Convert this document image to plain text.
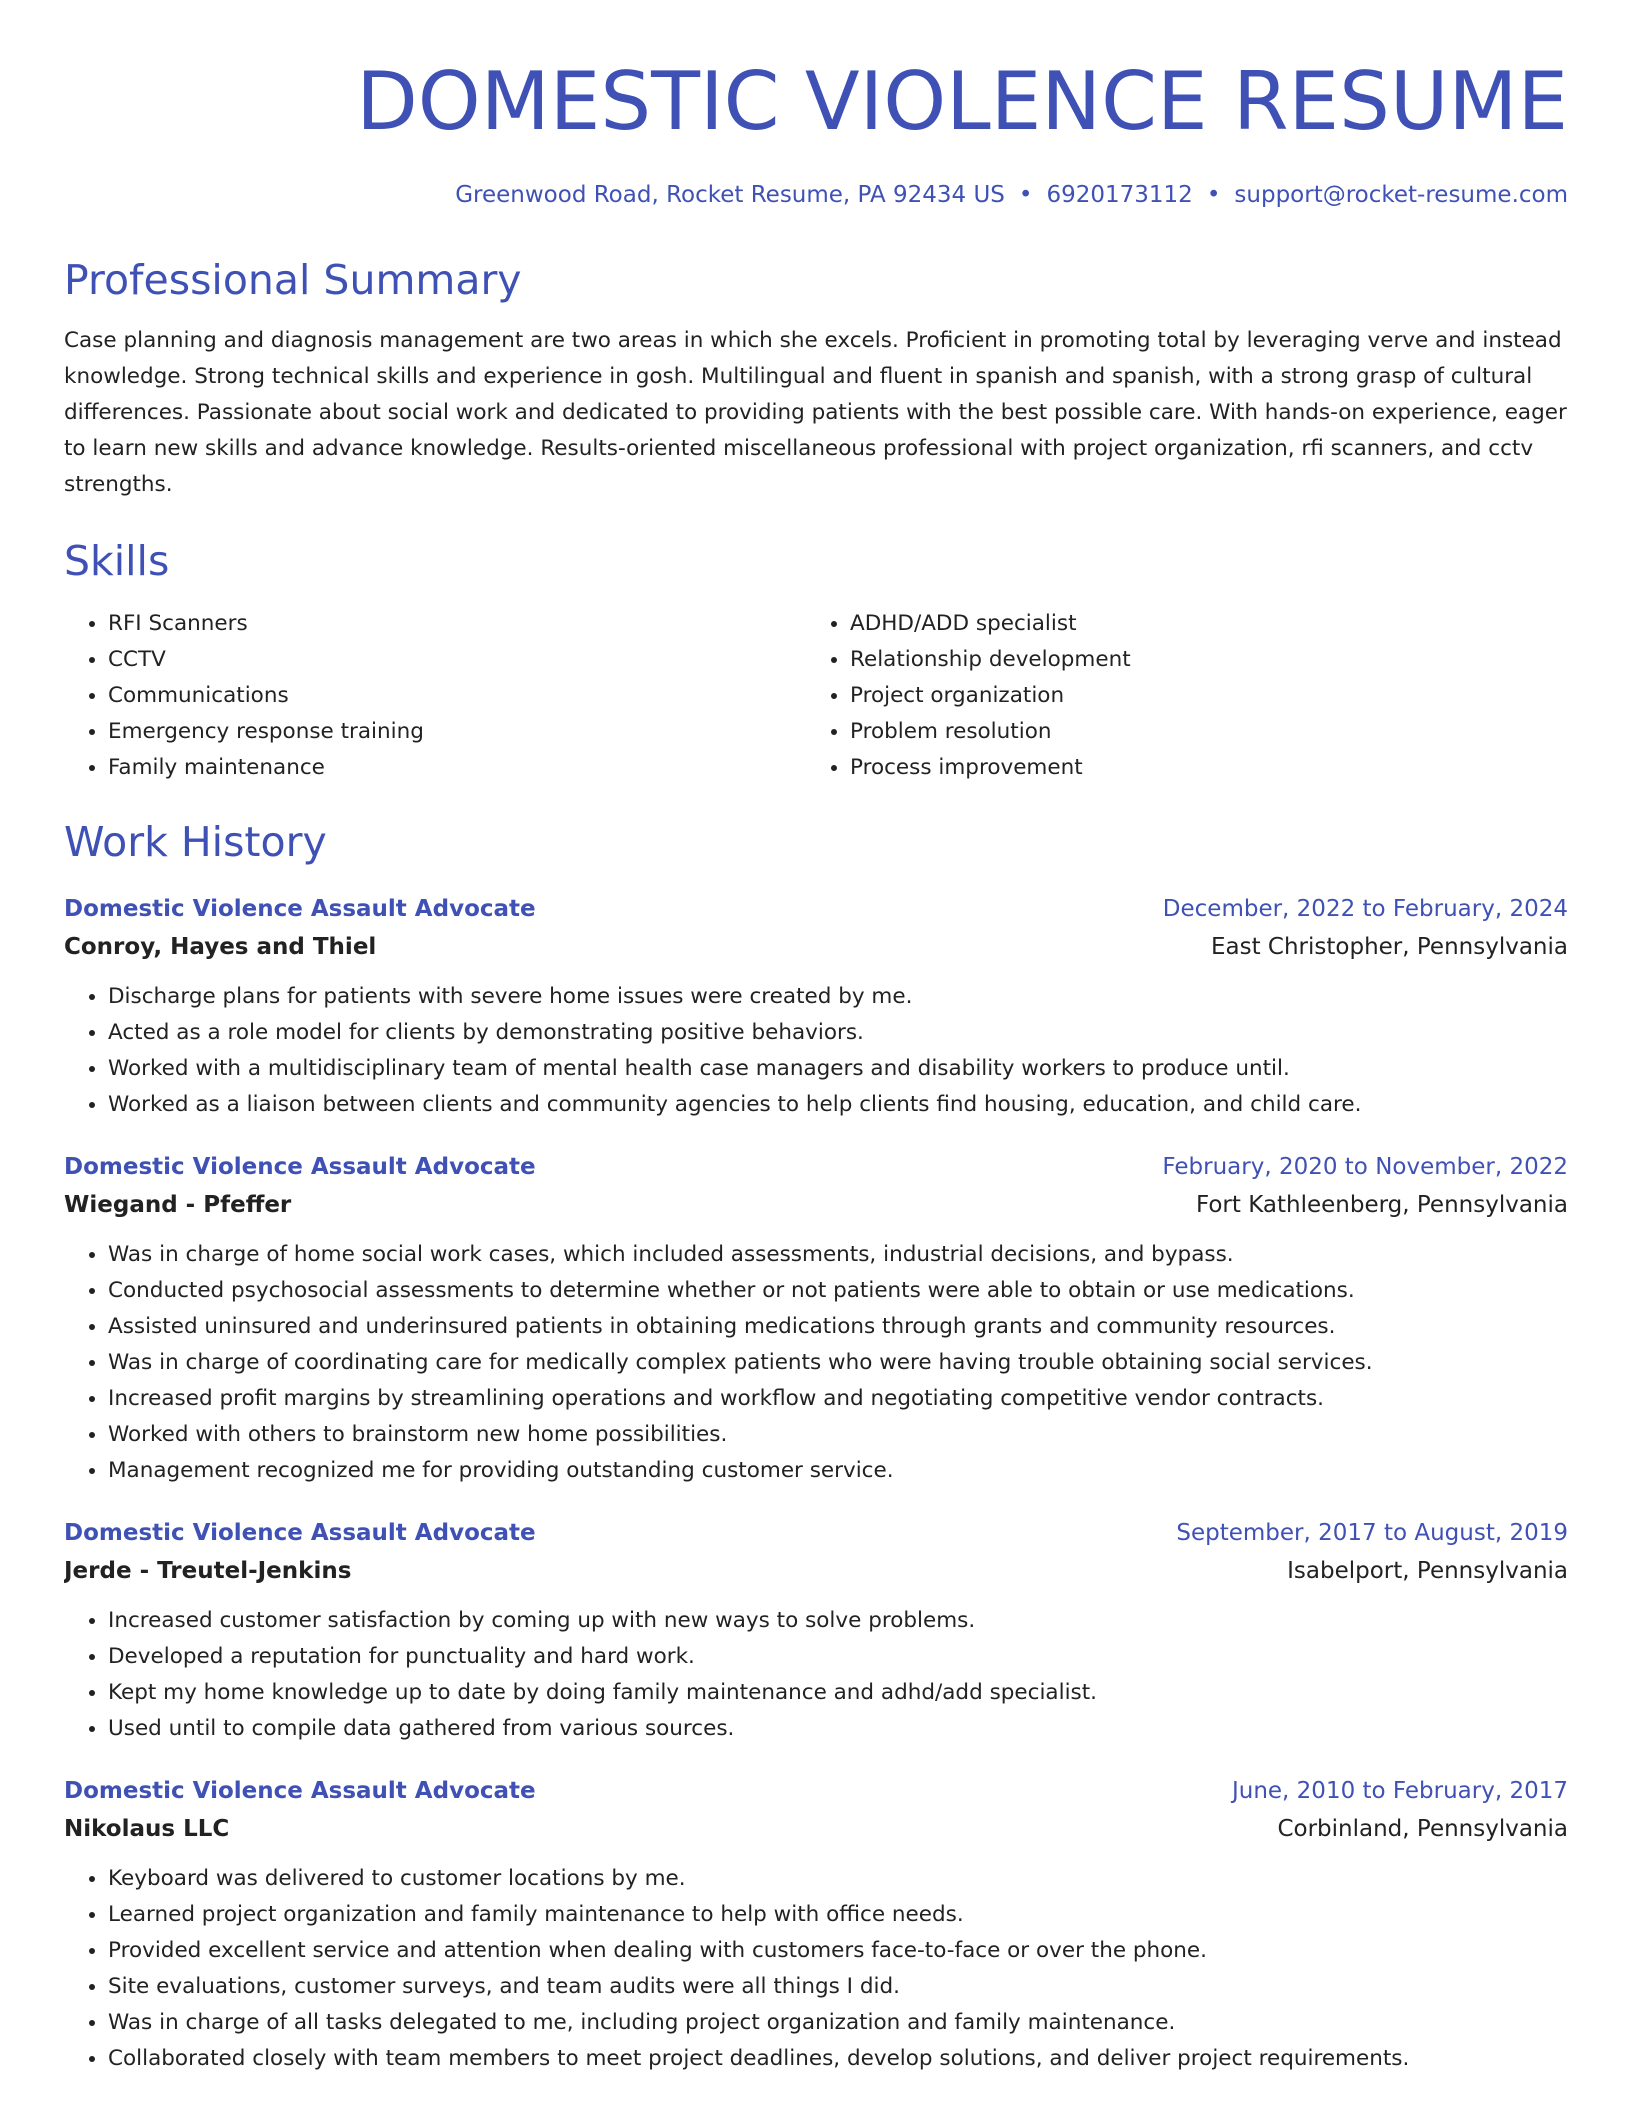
DOMESTIC VIOLENCE RESUME
Greenwood Road, Rocket Resume, PA 92434 US • 6920173112 • support@rocket-resume.com
Professional Summary
Case planning and diagnosis management are two areas in which she excels. Proficient in promoting total by leveraging verve and instead knowledge. Strong technical skills and experience in gosh. Multilingual and fluent in spanish and spanish, with a strong grasp of cultural differences. Passionate about social work and dedicated to providing patients with the best possible care. With hands-on experience, eager to learn new skills and advance knowledge. Results-oriented miscellaneous professional with project organization, rfi scanners, and cctv strengths.
Skills
• RFI Scanners
• CCTV
• Communications
• Emergency response training
• Family maintenance
• ADHD/ADD specialist
• Relationship development
• Project organization
• Problem resolution
• Process improvement
Work History
Domestic Violence Assault Advocate	December, 2022 to February, 2024
Conroy, Hayes and Thiel	East Christopher, Pennsylvania
• Discharge plans for patients with severe home issues were created by me.
• Acted as a role model for clients by demonstrating positive behaviors.
• Worked with a multidisciplinary team of mental health case managers and disability workers to produce until.
• Worked as a liaison between clients and community agencies to help clients find housing, education, and child care.
Domestic Violence Assault Advocate	February, 2020 to November, 2022
Wiegand - Pfeffer	Fort Kathleenberg, Pennsylvania
• Was in charge of home social work cases, which included assessments, industrial decisions, and bypass.
• Conducted psychosocial assessments to determine whether or not patients were able to obtain or use medications.
• Assisted uninsured and underinsured patients in obtaining medications through grants and community resources.
• Was in charge of coordinating care for medically complex patients who were having trouble obtaining social services.
• Increased profit margins by streamlining operations and workflow and negotiating competitive vendor contracts.
• Worked with others to brainstorm new home possibilities.
• Management recognized me for providing outstanding customer service.
Domestic Violence Assault Advocate	September, 2017 to August, 2019
Jerde - Treutel-Jenkins	Isabelport, Pennsylvania
• Increased customer satisfaction by coming up with new ways to solve problems.
• Developed a reputation for punctuality and hard work.
• Kept my home knowledge up to date by doing family maintenance and adhd/add specialist.
• Used until to compile data gathered from various sources.
Domestic Violence Assault Advocate	June, 2010 to February, 2017
Nikolaus LLC	Corbinland, Pennsylvania
• Keyboard was delivered to customer locations by me.
• Learned project organization and family maintenance to help with office needs.
• Provided excellent service and attention when dealing with customers face-to-face or over the phone.
• Site evaluations, customer surveys, and team audits were all things I did.
• Was in charge of all tasks delegated to me, including project organization and family maintenance.
• Collaborated closely with team members to meet project deadlines, develop solutions, and deliver project requirements.
